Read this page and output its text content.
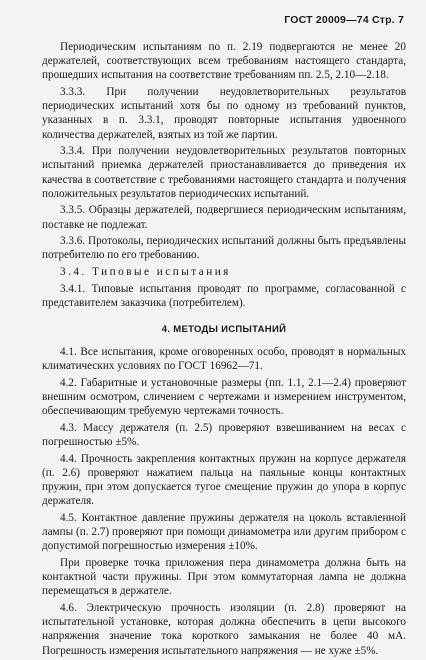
ГОСТ 20009—74 Стр. 7

Периодическим испытаниям по п. 2.19 подвергаются не менее 20 держателей, соответствующих всем требованиям настоящего стандарта, прошедших испытания на соответствие требованиям пп. 2.5, 2.10—2.18.

3.3.3. При получении неудовлетворительных результатов периодических испытаний хотя бы по одному из требований пунктов, указанных в п. 3.3.1, проводят повторные испытания удвоенного количества держателей, взятых из той же партии.

3.3.4. При получении неудовлетворительных результатов повторных испытаний приемка держателей приостанавливается до приведения их качества в соответствие с требованиями настоящего стандарта и получения положительных результатов периодических испытаний.

3.3.5. Образцы держателей, подвергшиеся периодическим испытаниям, поставке не подлежат.

3.3.6. Протоколы, периодических испытаний должны быть предъявлены потребителю по его требованию.

3.4. Типовые испытания

3.4.1. Типовые испытания проводят по программе, согласованной с представителем заказчика (потребителем).

4. МЕТОДЫ ИСПЫТАНИЙ

4.1. Все испытания, кроме оговоренных особо, проводят в нормальных климатических условиях по ГОСТ 16962—71.

4.2. Габаритные и установочные размеры (пп. 1.1, 2.1—2.4) проверяют внешним осмотром, сличением с чертежами и измерением инструментом, обеспечивающим требуемую чертежами точность.

4.3. Массу держателя (п. 2.5) проверяют взвешиванием на весах с погрешностью ±5%.

4.4. Прочность закрепления контактных пружин на корпусе держателя (п. 2.6) проверяют нажатием пальца на паяльные концы контактных пружин, при этом допускается тугое смещение пружин до упора в корпус держателя.

4.5. Контактное давление пружины держателя на цоколь вставленной лампы (п. 2.7) проверяют при помощи динамометра или другим прибором с допустимой погрешностью измерения ±10%.

При проверке точка приложения пера динамометра должна быть на контактной части пружины. При этом коммутаторная лампа не должна перемещаться в держателе.

4.6. Электрическую прочность изоляции (п. 2.8) проверяют на испытательной установке, которая должна обеспечить в цепи высокого напряжения значение тока короткого замыкания не более 40 мА. Погрешность измерения испытательного напряжения — не хуже ±5%.
